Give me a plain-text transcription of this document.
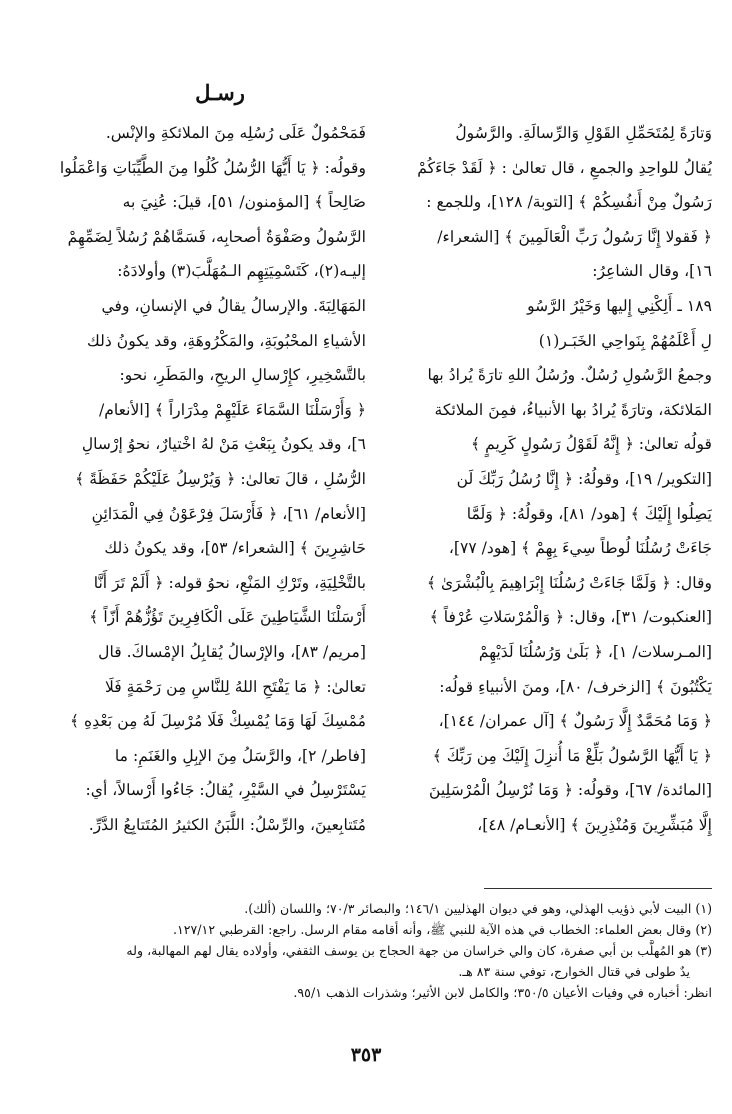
رسـل

وَتارَةً لِمُتَحَمِّلِ القَوْلِ وَالرِّسالَةِ. والرَّسُولُ

يُقالُ للواحِدِ والجمعِ ، قال تعالىٰ : ﴿ لَقَدْ جَاءَكُمْ

رَسُولٌ مِنْ أَنفُسِكُمْ ﴾ [التوبة/ ١٢٨]، وللجمع :

﴿ فَقولا إِنَّا رَسُولُ رَبِّ الْعَالَمِينَ ﴾ [الشعراء/

١٦]، وقال الشاعِرُ:

١٨٩ ـ أَلِكْنِي إِليها وَخَيْرُ الرَّسُو

لِ أَعْلَمُهُمْ بِنَواحِي الخَبَـر(١)

وجمعُ الرَّسُولِ رُسُلٌ. ورُسُلُ اللهِ تارَةً يُرادُ بها

المَلائكة، وتارَةً يُرادُ بها الأنبياءُ، فمِنَ الملائكة

قولُه تعالىٰ: ﴿ إِنَّهُ لَقَوْلُ رَسُولٍ كَرِيمٍ ﴾

[التكوير/ ١٩]، وقولُهُ: ﴿ إِنَّا رُسُلُ رَبِّكَ لَن

يَصِلُوا إِلَيْكَ ﴾ [هود/ ٨١]، وقولُهُ: ﴿ وَلَمَّا

جَاءَتْ رُسُلُنَا لُوطاً سِيءَ بِهِمْ ﴾ [هود/ ٧٧]،

وقال: ﴿ وَلَمَّا جَاءَتْ رُسُلُنَا إِبْرَاهِيمَ بِالْبُشْرَىٰ ﴾

[العنكبوت/ ٣١]، وقال: ﴿ وَالْمُرْسَلاتِ عُرْفاً ﴾

[المـرسلات/ ١]، ﴿ بَلَىٰ وَرُسُلُنَا لَدَيْهِمْ

يَكْتُبُونَ ﴾ [الزخرف/ ٨٠]، ومنَ الأنبياءِ قولُه:

﴿ وَمَا مُحَمَّدٌ إِلَّا رَسُولٌ ﴾ [آل عمران/ ١٤٤]،

﴿ يَا أَيُّهَا الرَّسُولُ بَلِّغْ مَا أُنزِلَ إِلَيْكَ مِن رَبِّكَ ﴾

[المائدة/ ٦٧]، وقولُه: ﴿ وَمَا نُرْسِلُ الْمُرْسَلِينَ

إِلَّا مُبَشِّرِينَ وَمُنْذِرِينَ ﴾ [الأنعـام/ ٤٨]،

فَمَحْمُولٌ عَلَى رُسُلِه مِنَ الملائكةِ والإنْس.

وقولُه: ﴿ يَا أَيُّهَا الرُّسُلُ كُلُوا مِنَ الطَّيِّبَاتِ وَاعْمَلُوا

صَالِحاً ﴾ [المؤمنون/ ٥١]، قيلَ: عُنِيَ به

الرَّسُولُ وصَفْوَةُ أصحابِه، فَسَمَّاهُمْ رُسُلاً لِضَمِّهِمْ

إليـه(٢)، كَتَسْمِيَتِهِم الـمُهَلَّبَ(٣) وأولادَهُ:

المَهَالِبَةَ. والإرسالُ يقالُ في الإنسانِ، وفي

الأشياءِ المحْبُوبَةِ، والمَكْرُوهَةِ، وقد يكونُ ذلك

بالتَّسْخِيرِ، كإِرْسالِ الريحِ، والمَطَرِ، نحو:

﴿ وَأَرْسَلْنَا السَّمَاءَ عَلَيْهِمْ مِدْرَاراً ﴾ [الأنعام/

٦]، وقد يكونُ بِبَعْثِ مَنْ لهُ اخْتيارٌ، نحوُ إرْسالِ

الرُّسُلِ ، قالَ تعالىٰ: ﴿ وَيُرْسِلُ عَلَيْكُمْ حَفَظَةً ﴾

[الأنعام/ ٦١]، ﴿ فَأَرْسَلَ فِرْعَوْنُ فِي الْمَدَائِنِ

حَاشِرِينَ ﴾ [الشعراء/ ٥٣]، وقد يكونُ ذلك

بالتَّخْلِيَةِ، وتَرْكِ المَنْعِ، نحوُ قوله: ﴿ أَلَمْ تَرَ أَنَّا

أَرْسَلْنَا الشَّيَاطِينَ عَلَى الْكَافِرِينَ تَؤُزُّهُمْ أَزّاً ﴾

[مريم/ ٨٣]، والإرْسالُ يُقابِلُ الإمْساكَ. قال

تعالىٰ: ﴿ مَا يَفْتَحِ اللهُ لِلنَّاسِ مِن رَحْمَةٍ فَلَا

مُمْسِكَ لَهَا وَمَا يُمْسِكْ فَلَا مُرْسِلَ لَهُ مِن بَعْدِهِ ﴾

[فاطر/ ٢]، والرَّسَلُ مِنَ الإبِلِ والغَنَمِ: ما

يَسْتَرْسِلُ في السَّيْرِ، يُقالُ: جَاءُوا أَرْسالاً، أي:

مُتَتابِعينَ، والرِّسْلُ: اللَّبَنُ الكثيرُ المُتَتابِعُ الدَّرِّ.

(١) البيت لأبي ذؤيب الهذلي، وهو في ديوان الهذليين ١٤٦/١؛ والبصائر ٧٠/٣؛ واللسان (ألك).

(٢) وقال بعض العلماء: الخطاب في هذه الآية للنبي ﷺ، وأنه أقامه مقام الرسل. راجع: القرطبي ١٢٧/١٢.

(٣) هو المُهلَّب بن أبي صفرة، كان والي خراسان من جهة الحجاج بن يوسف الثقفي، وأولاده يقال لهم المهالبة، وله

يدٌ طولى في قتال الخوارج، توفي سنة ٨٣ هـ.

انظر: أخباره في وفيات الأعيان ٣٥٠/٥؛ والكامل لابن الأثير؛ وشذرات الذهب ٩٥/١.

٣٥٣
